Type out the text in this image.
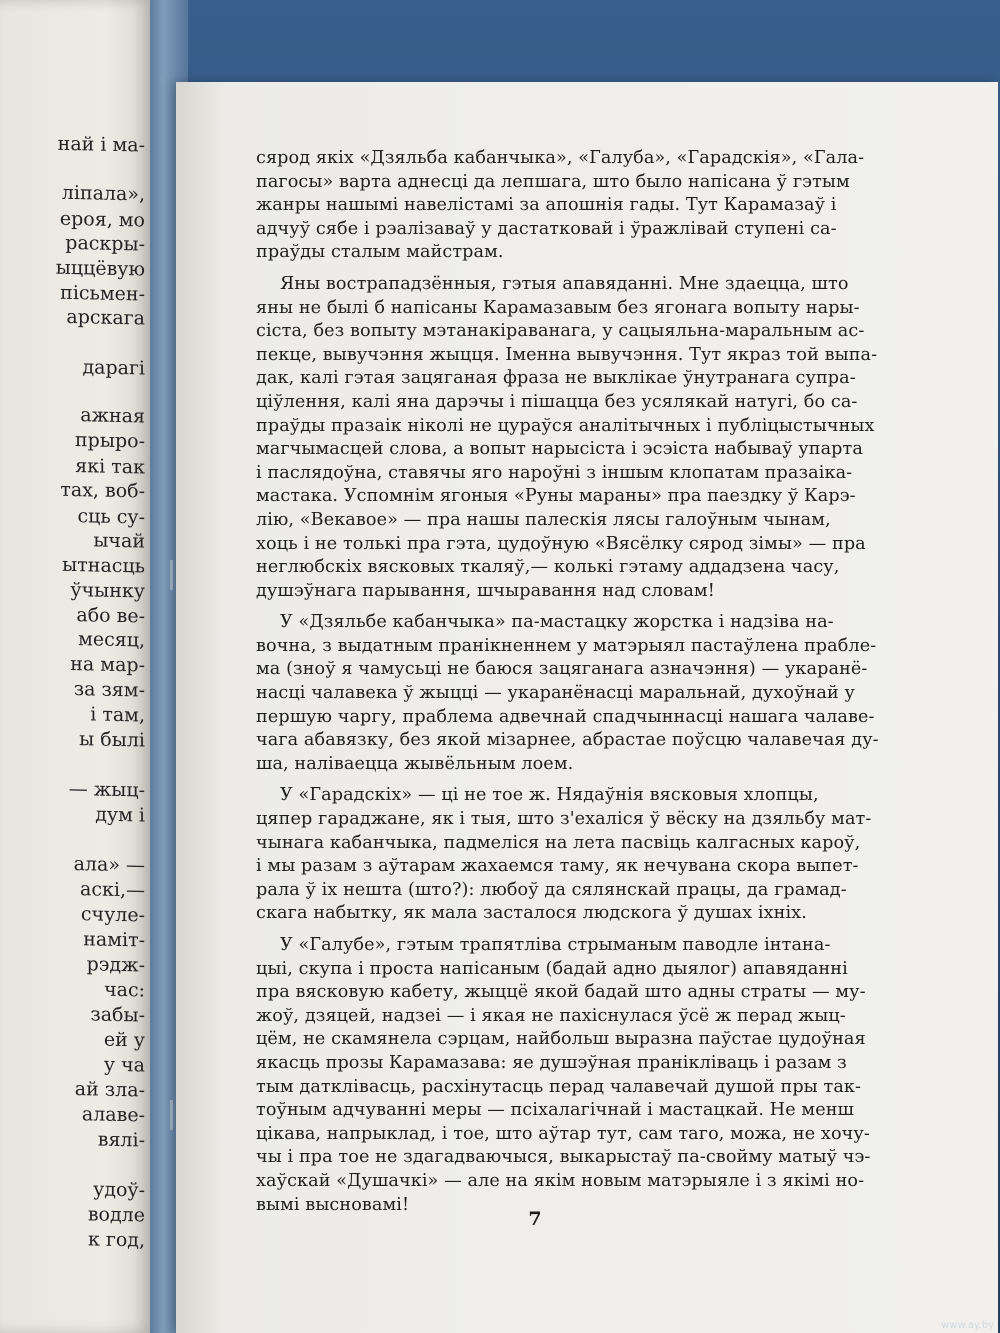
най і ма-
ліпала»,
ероя, мо
раскры-
ыццёвую
пісьмен-
арскага
дарагі
ажная
прыро-
які так
тах, воб-
сць су-
ычай
ытнасць
ўчынку
або ве-
месяц,
на мар-
за зям-
і там,
ы былі
— жыц-
дум і
ала» —
аскі,—
счуле-
наміт-
рэдж-
час:
забы-
ей у
у ча
ай зла-
алаве-
вялі-
удоў-
водле
к год,
сярод якіх «Дзяльба кабанчыка», «Галуба», «Гарадскія», «Гала-
пагосы» варта аднесці да лепшага, што было напісана ў гэтым
жанры нашымі навелістамі за апошнія гады. Тут Карамазаў і
адчуў сябе і рэалізаваў у дастатковай і ўражлівай ступені са-
праўды сталым майстрам.
Яны вострападзённыя, гэтыя апавяданні. Мне здаецца, што
яны не былі б напісаны Карамазавым без ягонага вопыту нары-
сіста, без вопыту мэтанакіраванага, у сацыяльна-маральным ас-
пекце, вывучэння жыцця. Іменна вывучэння. Тут якраз той выпа-
дак, калі гэтая зацяганая фраза не выклікае ўнутранага супра-
ціўлення, калі яна дарэчы і пішацца без усялякай натугі, бо са-
праўды празаік ніколі не цураўся аналітычных і публіцыстычных
магчымасцей слова, а вопыт нарысіста і эсэіста набываў упарта
і паслядоўна, ставячы яго нароўні з іншым клопатам празаіка-
мастака. Успомнім ягоныя «Руны мараны» пра паездку ў Карэ-
лію, «Векавое» — пра нашы палескія лясы галоўным чынам,
хоць і не толькі пра гэта, цудоўную «Вясёлку сярод зімы» — пра
неглюбскіх вясковых ткаляў,— колькі гэтаму аддадзена часу,
душэўнага парывання, шчыравання над словам!
У «Дзяльбе кабанчыка» па-мастацку жорстка і надзіва на-
вочна, з выдатным пранікненнем у матэрыял пастаўлена праблe-
ма (зноў я чамусьці не баюся зацяганага азначэння) — укаранё-
насці чалавека ў жыцці — укаранёнасці маральнай, духоўнай у
першую чаргу, праблема адвечнай спадчыннасці нашага чалаве-
чага абавязку, без якой мізарнее, абрастае поўсцю чалавечая ду-
ша, наліваецца жывёльным лоем.
У «Гарадскіх» — ці не тое ж. Нядаўнія вясковыя хлопцы,
цяпер гараджане, як і тыя, што з'ехаліся ў вёску на дзяльбу мат-
чынага кабанчыка, падмеліся на лета пасвіць калгасных кароў,
і мы разам з аўтарам жахаемся таму, як нечувана скора выпет-
рала ў іх нешта (што?): любоў да сялянскай працы, да грамад-
скага набытку, як мала засталося людскога ў душах іхніх.
У «Галубе», гэтым трапятліва стрыманым паводле інтана-
цыі, скупа і проста напісаным (бадай адно дыялог) апавяданні
пра вясковую кабету, жыццё якой бадай што адны страты — му-
жоў, дзяцей, надзеі — і якая не пахіснулася ўсё ж перад жыц-
цём, не скамянела сэрцам, найбольш выразна паўстае цудоўная
якасць прозы Карамазава: яе душэўная пранікліваць і разам з
тым датклівасць, расхінутасць перад чалавечай душой пры так-
тоўным адчуванні меры — псіхалагічнай і мастацкай. Не менш
цікава, напрыклад, і тое, што аўтар тут, сам таго, можа, не хочу-
чы і пра тое не здагадваючыся, выкарыстаў па-свойму матыў чэ-
хаўскай «Душачкі» — але на якім новым матэрыяле і з якімі но-
вымі высновамі!
7
www.ay.by
